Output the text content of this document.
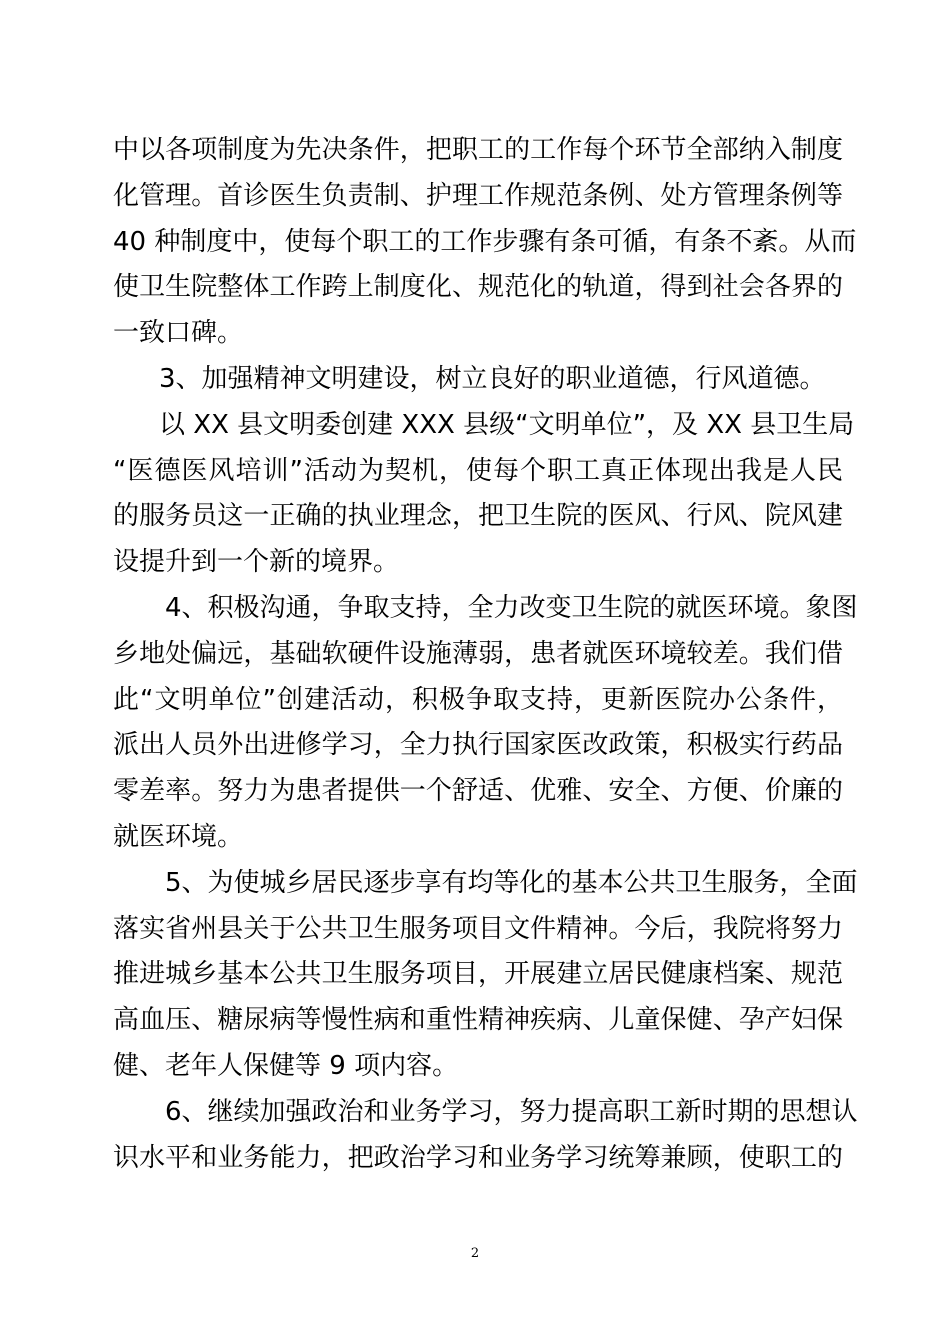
中以各项制度为先决条件，把职工的工作每个环节全部纳入制度
化管理。首诊医生负责制、护理工作规范条例、处方管理条例等
40 种制度中，使每个职工的工作步骤有条可循，有条不紊。从而
使卫生院整体工作跨上制度化、规范化的轨道，得到社会各界的
一致口碑。
3、加强精神文明建设，树立良好的职业道德，行风道德。
以 XX 县文明委创建 XXX 县级“文明单位”，及 XX 县卫生局
“医德医风培训”活动为契机，使每个职工真正体现出我是人民
的服务员这一正确的执业理念，把卫生院的医风、行风、院风建
设提升到一个新的境界。
4、积极沟通，争取支持，全力改变卫生院的就医环境。象图
乡地处偏远，基础软硬件设施薄弱，患者就医环境较差。我们借
此“文明单位”创建活动，积极争取支持，更新医院办公条件，
派出人员外出进修学习，全力执行国家医改政策，积极实行药品
零差率。努力为患者提供一个舒适、优雅、安全、方便、价廉的
就医环境。
5、为使城乡居民逐步享有均等化的基本公共卫生服务，全面
落实省州县关于公共卫生服务项目文件精神。今后，我院将努力
推进城乡基本公共卫生服务项目，开展建立居民健康档案、规范
高血压、糖尿病等慢性病和重性精神疾病、儿童保健、孕产妇保
健、老年人保健等 9 项内容。
6、继续加强政治和业务学习，努力提高职工新时期的思想认
识水平和业务能力，把政治学习和业务学习统筹兼顾，使职工的
2
